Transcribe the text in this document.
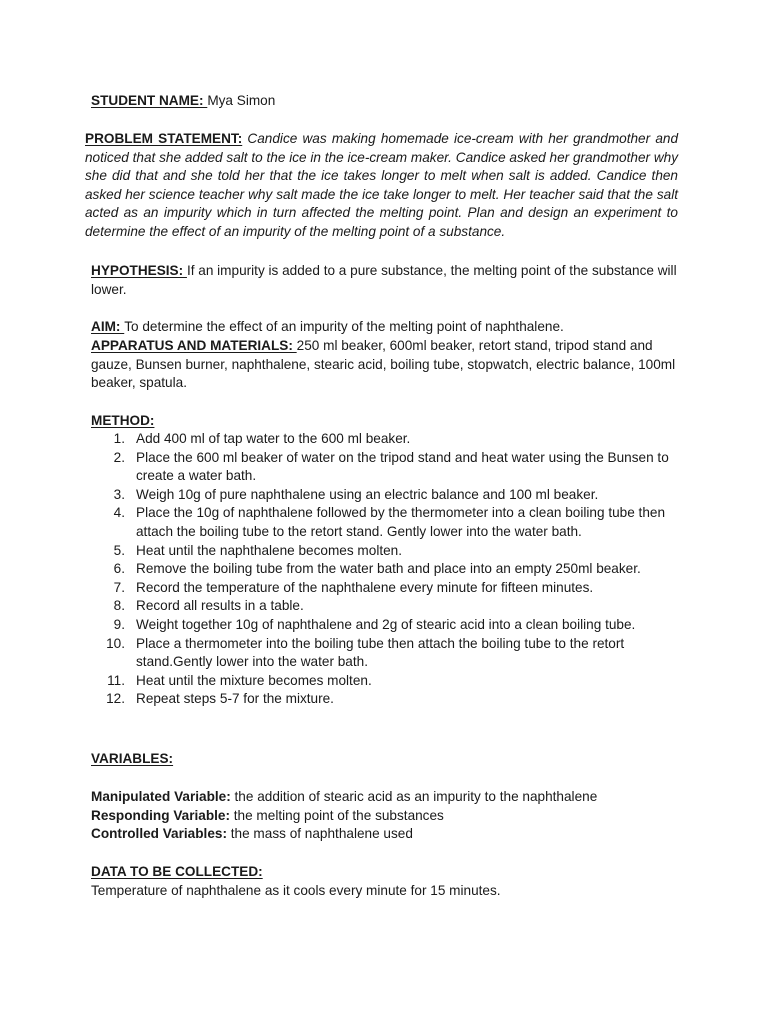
STUDENT NAME: Mya Simon
PROBLEM STATEMENT: Candice was making homemade ice-cream with her grandmother and noticed that she added salt to the ice in the ice-cream maker. Candice asked her grandmother why she did that and she told her that the ice takes longer to melt when salt is added. Candice then asked her science teacher why salt made the ice take longer to melt. Her teacher said that the salt acted as an impurity which in turn affected the melting point. Plan and design an experiment to determine the effect of an impurity of the melting point of a substance.
HYPOTHESIS: If an impurity is added to a pure substance, the melting point of the substance will lower.
AIM: To determine the effect of an impurity of the melting point of naphthalene.
APPARATUS AND MATERIALS: 250 ml beaker, 600ml beaker, retort stand, tripod stand and gauze, Bunsen burner, naphthalene, stearic acid, boiling tube, stopwatch, electric balance, 100ml beaker, spatula.
METHOD:
1. Add 400 ml of tap water to the 600 ml beaker.
2. Place the 600 ml beaker of water on the tripod stand and heat water using the Bunsen to create a water bath.
3. Weigh 10g of pure naphthalene using an electric balance and 100 ml beaker.
4. Place the 10g of naphthalene followed by the thermometer into a clean boiling tube then attach the boiling tube to the retort stand. Gently lower into the water bath.
5. Heat until the naphthalene becomes molten.
6. Remove the boiling tube from the water bath and place into an empty 250ml beaker.
7. Record the temperature of the naphthalene every minute for fifteen minutes.
8. Record all results in a table.
9. Weight together 10g of naphthalene and 2g of stearic acid into a clean boiling tube.
10. Place a thermometer into the boiling tube then attach the boiling tube to the retort stand.Gently lower into the water bath.
11. Heat until the mixture becomes molten.
12. Repeat steps 5-7 for the mixture.
VARIABLES:
Manipulated Variable: the addition of stearic acid as an impurity to the naphthalene
Responding Variable: the melting point of the substances
Controlled Variables: the mass of naphthalene used
DATA TO BE COLLECTED:
Temperature of naphthalene as it cools every minute for 15 minutes.
